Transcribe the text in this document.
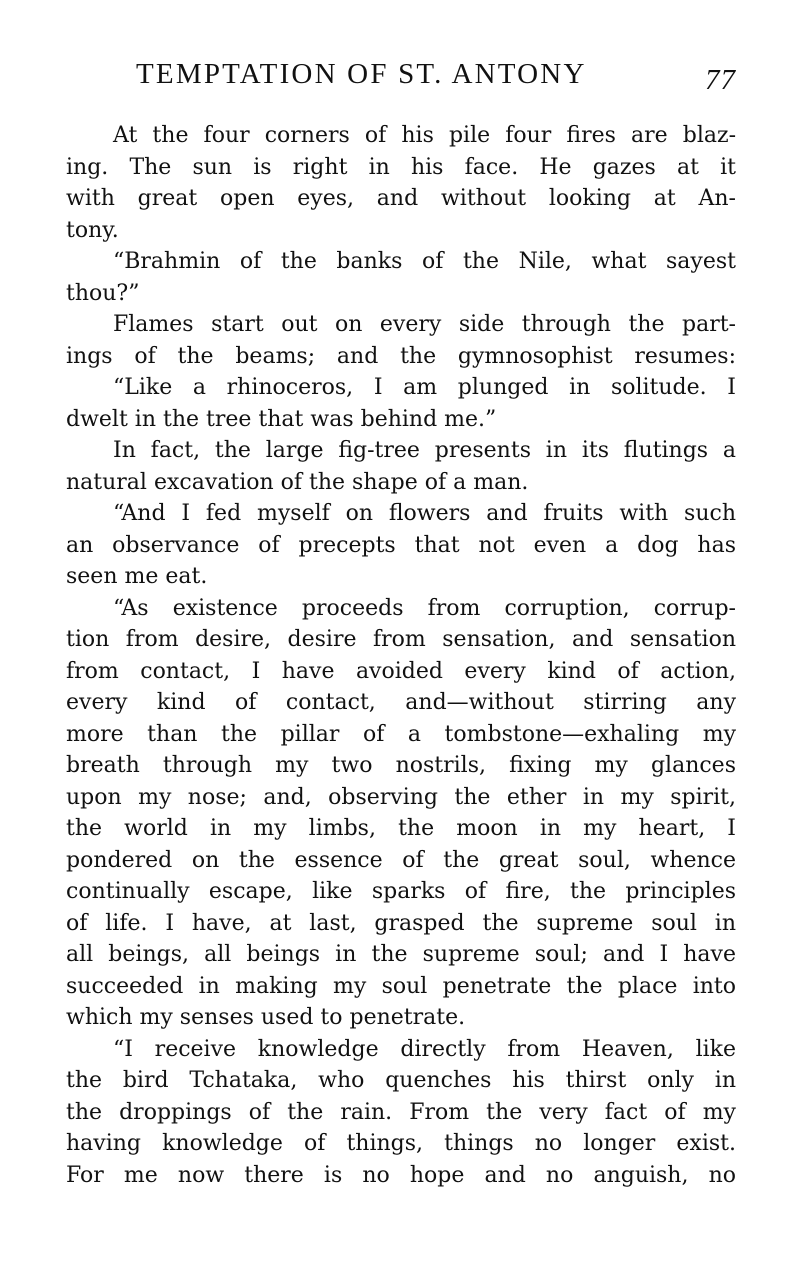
TEMPTATION OF ST. ANTONY	77
At the four corners of his pile four fires are blaz-
ing. The sun is right in his face. He gazes at it
with great open eyes, and without looking at An-
tony.
“Brahmin of the banks of the Nile, what sayest
thou?”
Flames start out on every side through the part-
ings of the beams; and the gymnosophist resumes:
“Like a rhinoceros, I am plunged in solitude. I
dwelt in the tree that was behind me.”
In fact, the large fig-tree presents in its flutings a
natural excavation of the shape of a man.
“And I fed myself on flowers and fruits with such
an observance of precepts that not even a dog has
seen me eat.
“As existence proceeds from corruption, corrup-
tion from desire, desire from sensation, and sensation
from contact, I have avoided every kind of action,
every kind of contact, and—without stirring any
more than the pillar of a tombstone—exhaling my
breath through my two nostrils, fixing my glances
upon my nose; and, observing the ether in my spirit,
the world in my limbs, the moon in my heart, I
pondered on the essence of the great soul, whence
continually escape, like sparks of fire, the principles
of life. I have, at last, grasped the supreme soul in
all beings, all beings in the supreme soul; and I have
succeeded in making my soul penetrate the place into
which my senses used to penetrate.
“I receive knowledge directly from Heaven, like
the bird Tchataka, who quenches his thirst only in
the droppings of the rain. From the very fact of my
having knowledge of things, things no longer exist.
For me now there is no hope and no anguish, no
